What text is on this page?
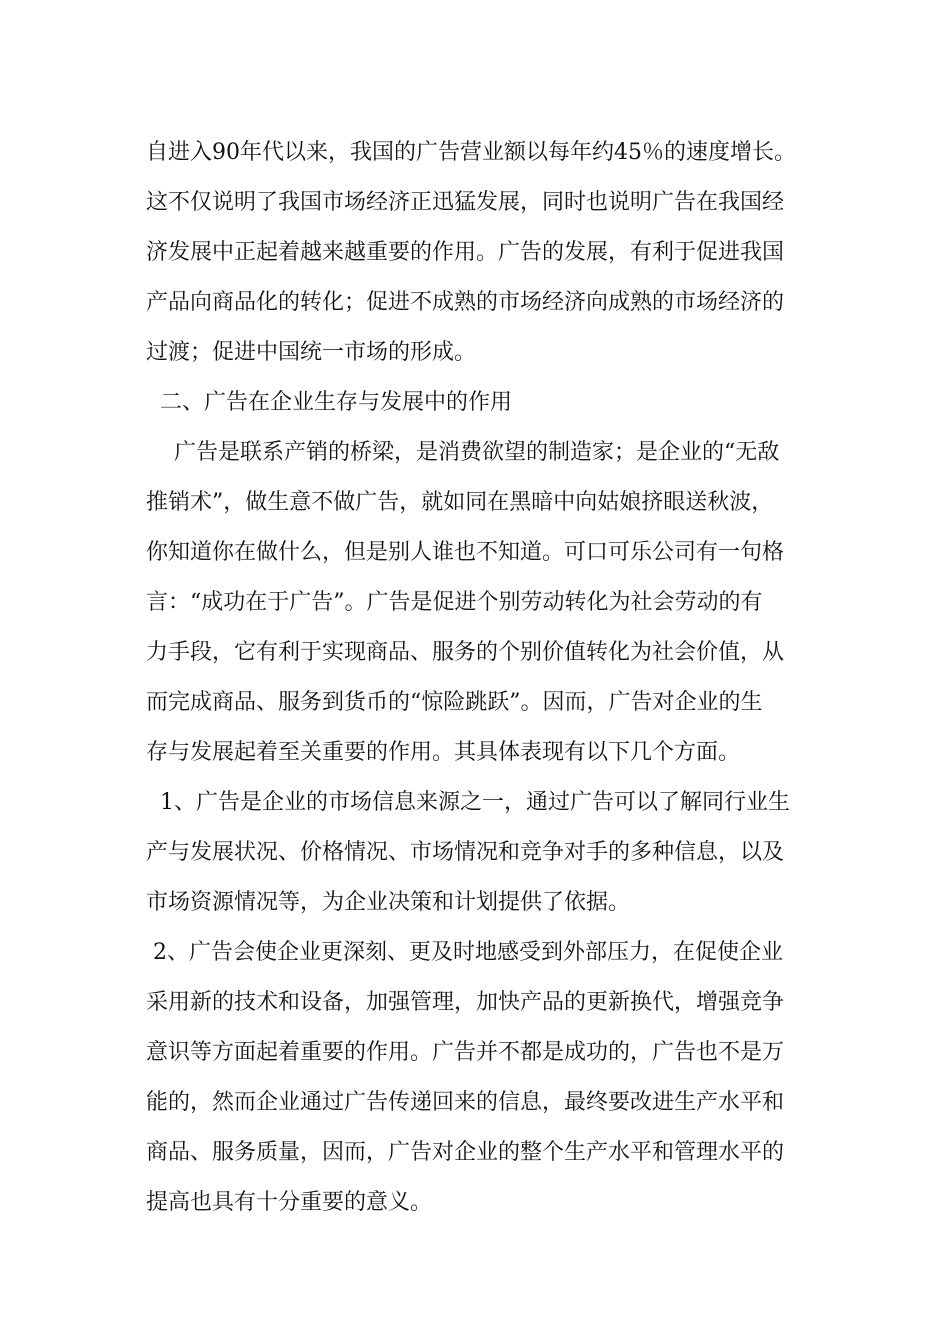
自进入90年代以来，我国的广告营业额以每年约45％的速度增长。
这不仅说明了我国市场经济正迅猛发展，同时也说明广告在我国经
济发展中正起着越来越重要的作用。广告的发展，有利于促进我国
产品向商品化的转化；促进不成熟的市场经济向成熟的市场经济的
过渡；促进中国统一市场的形成。
二、广告在企业生存与发展中的作用
广告是联系产销的桥梁，是消费欲望的制造家；是企业的“无敌
推销术”，做生意不做广告，就如同在黑暗中向姑娘挤眼送秋波，
你知道你在做什么，但是别人谁也不知道。可口可乐公司有一句格
言：“成功在于广告”。广告是促进个别劳动转化为社会劳动的有
力手段，它有利于实现商品、服务的个别价值转化为社会价值，从
而完成商品、服务到货币的“惊险跳跃”。因而，广告对企业的生
存与发展起着至关重要的作用。其具体表现有以下几个方面。
1、广告是企业的市场信息来源之一，通过广告可以了解同行业生
产与发展状况、价格情况、市场情况和竞争对手的多种信息，以及
市场资源情况等，为企业决策和计划提供了依据。
2、广告会使企业更深刻、更及时地感受到外部压力，在促使企业
采用新的技术和设备，加强管理，加快产品的更新换代，增强竞争
意识等方面起着重要的作用。广告并不都是成功的，广告也不是万
能的，然而企业通过广告传递回来的信息，最终要改进生产水平和
商品、服务质量，因而，广告对企业的整个生产水平和管理水平的
提高也具有十分重要的意义。
